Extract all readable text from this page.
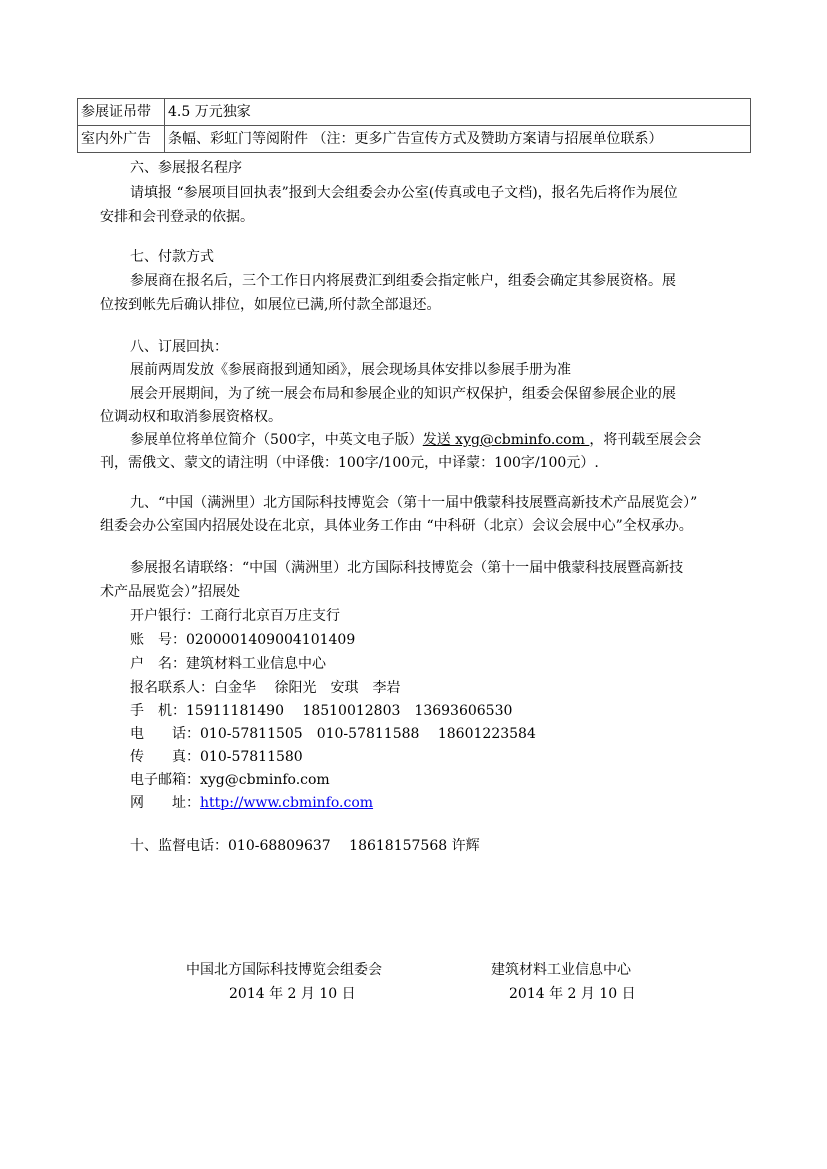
参展证吊带	4.5 万元独家
室内外广告	条幅、彩虹门等阅附件 （注：更多广告宣传方式及赞助方案请与招展单位联系）
六、参展报名程序
请填报 “参展项目回执表”报到大会组委会办公室(传真或电子文档)，报名先后将作为展位
安排和会刊登录的依据。
七、付款方式
参展商在报名后，三个工作日内将展费汇到组委会指定帐户，组委会确定其参展资格。展
位按到帐先后确认排位，如展位已满,所付款全部退还。
八、订展回执：
展前两周发放《参展商报到通知函》，展会现场具体安排以参展手册为准
展会开展期间，为了统一展会布局和参展企业的知识产权保护，组委会保留参展企业的展
位调动权和取消参展资格权。
参展单位将单位简介（500字，中英文电子版）发送 xyg@cbminfo.com ，将刊载至展会会
刊，需俄文、蒙文的请注明（中译俄：100字/100元，中译蒙：100字/100元）.
九、“中国（满洲里）北方国际科技博览会（第十一届中俄蒙科技展暨高新技术产品展览会）”
组委会办公室国内招展处设在北京，具体业务工作由 “中科研（北京）会议会展中心”全权承办。
参展报名请联络：“中国（满洲里）北方国际科技博览会（第十一届中俄蒙科技展暨高新技
术产品展览会）”招展处
开户银行：工商行北京百万庄支行
账　号：0200001409004101409
户　名：建筑材料工业信息中心
报名联系人：白金华　 徐阳光　安琪　李岩
手　机：15911181490　 18510012803　13693606530
电　　话：010-57811505　010-57811588　 18601223584
传　　真：010-57811580
电子邮箱：xyg@cbminfo.com
网　　址：http://www.cbminfo.com
十、监督电话：010-68809637　 18618157568 许辉
中国北方国际科技博览会组委会
2014 年 2 月 10 日
建筑材料工业信息中心
2014 年 2 月 10 日
